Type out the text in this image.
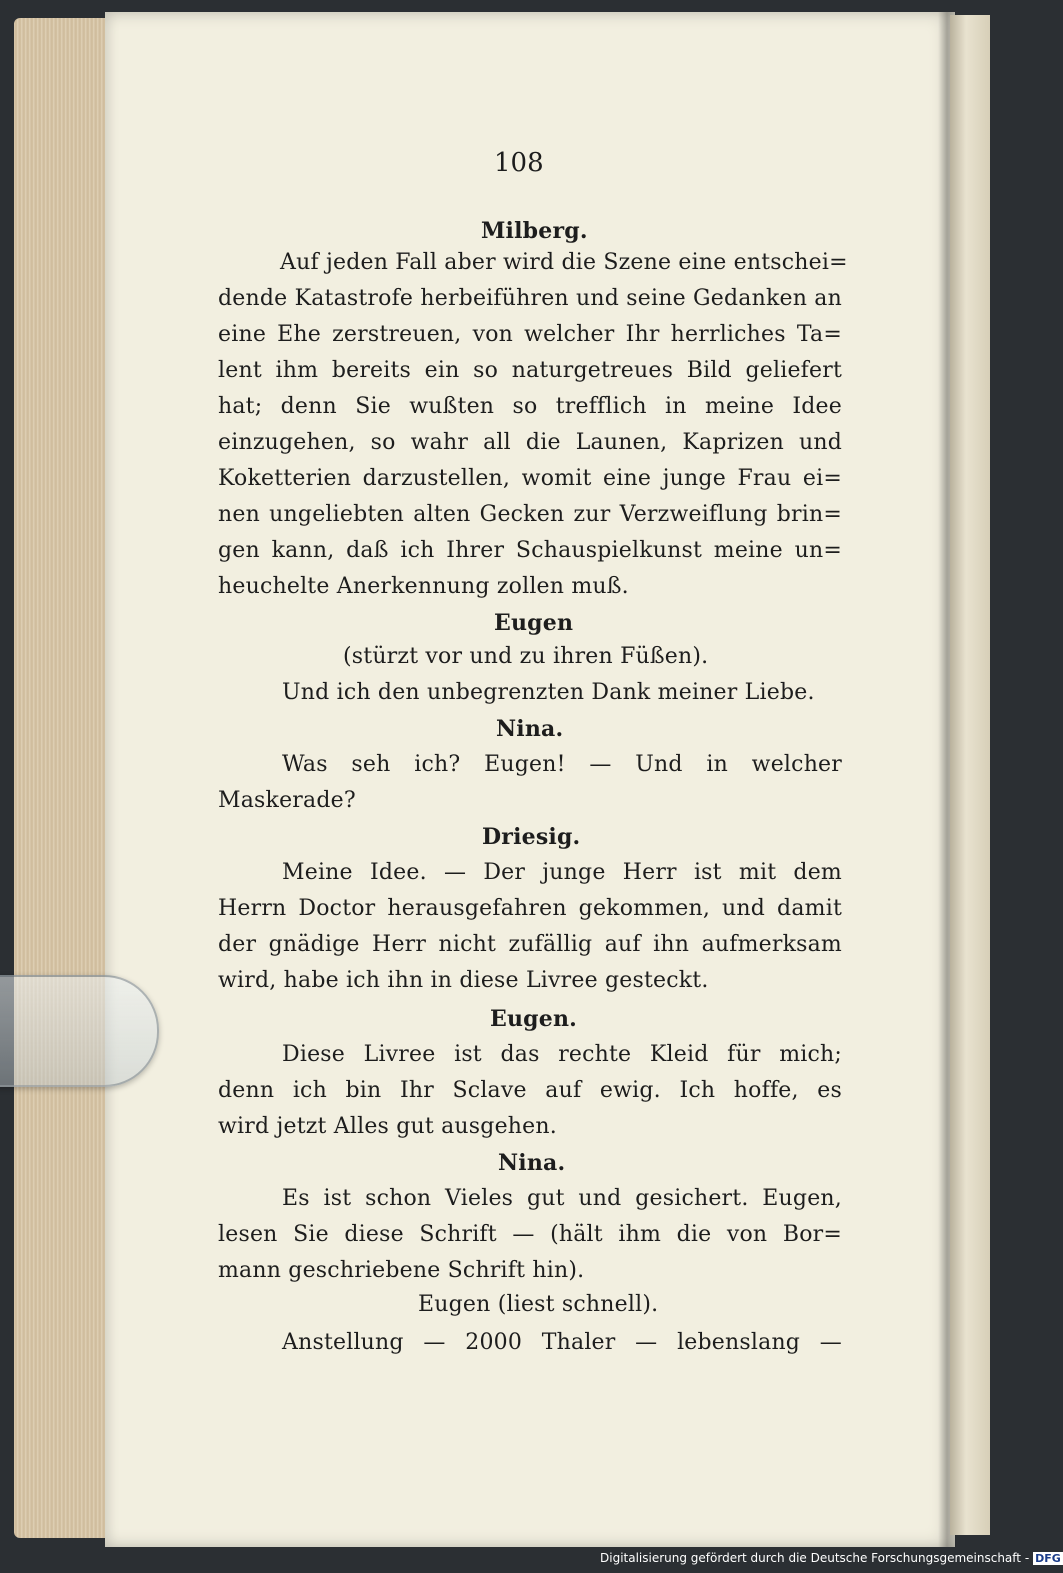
108
Milberg.
Auf jeden Fall aber wird die Szene eine entschei=
dende Katastrofe herbeiführen und seine Gedanken an
eine Ehe zerstreuen, von welcher Ihr herrliches Ta=
lent ihm bereits ein so naturgetreues Bild geliefert
hat; denn Sie wußten so trefflich in meine Idee
einzugehen, so wahr all die Launen, Kaprizen und
Koketterien darzustellen, womit eine junge Frau ei=
nen ungeliebten alten Gecken zur Verzweiflung brin=
gen kann, daß ich Ihrer Schauspielkunst meine un=
heuchelte Anerkennung zollen muß.
Eugen
(stürzt vor und zu ihren Füßen).
Und ich den unbegrenzten Dank meiner Liebe.
Nina.
Was seh ich? Eugen! — Und in welcher
Maskerade?
Driesig.
Meine Idee. — Der junge Herr ist mit dem
Herrn Doctor herausgefahren gekommen, und damit
der gnädige Herr nicht zufällig auf ihn aufmerksam
wird, habe ich ihn in diese Livree gesteckt.
Eugen.
Diese Livree ist das rechte Kleid für mich;
denn ich bin Ihr Sclave auf ewig. Ich hoffe, es
wird jetzt Alles gut ausgehen.
Nina.
Es ist schon Vieles gut und gesichert. Eugen,
lesen Sie diese Schrift — (hält ihm die von Bor=
mann geschriebene Schrift hin).
Eugen (liest schnell).
Anstellung — 2000 Thaler — lebenslang —
Digitalisierung gefördert durch die Deutsche Forschungsgemeinschaft - DFG
